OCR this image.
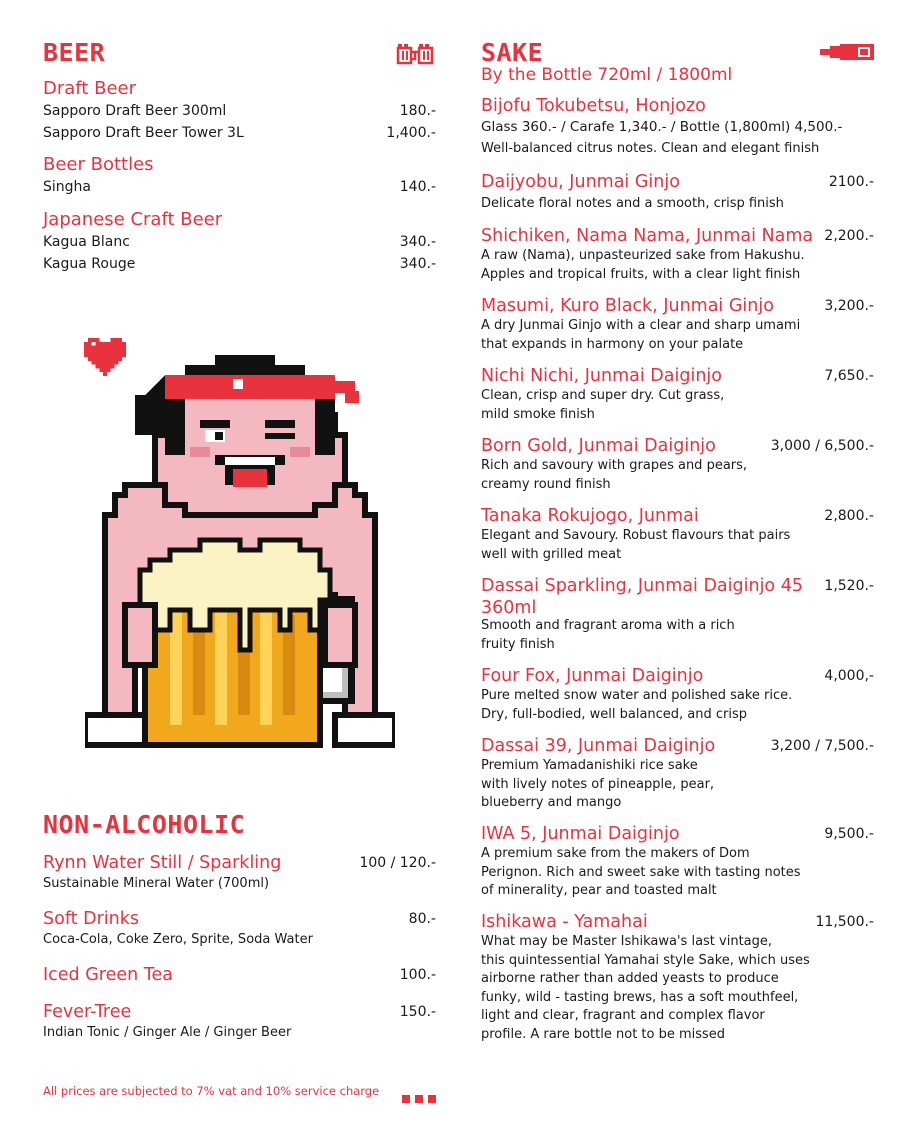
BEER
Draft Beer
Sapporo Draft Beer 300ml	180.-
Sapporo Draft Beer Tower 3L	1,400.-
Beer Bottles
Singha	140.-
Japanese Craft Beer
Kagua Blanc	340.-
Kagua Rouge	340.-
NON-ALCOHOLIC
Rynn Water Still / Sparkling	100 / 120.-
Sustainable Mineral Water (700ml)
Soft Drinks	80.-
Coca-Cola, Coke Zero, Sprite, Soda Water
Iced Green Tea	100.-
Fever-Tree	150.-
Indian Tonic / Ginger Ale / Ginger Beer
SAKE
By the Bottle 720ml / 1800ml
Bijofu Tokubetsu, Honjozo
Glass 360.- / Carafe 1,340.- / Bottle (1,800ml) 4,500.-
Well-balanced citrus notes. Clean and elegant finish
Daijyobu, Junmai Ginjo	2100.-
Delicate floral notes and a smooth, crisp finish
Shichiken, Nama Nama, Junmai Nama 2,200.-
A raw (Nama), unpasteurized sake from Hakushu.
Apples and tropical fruits, with a clear light finish
Masumi, Kuro Black, Junmai Ginjo	3,200.-
A dry Junmai Ginjo with a clear and sharp umami
that expands in harmony on your palate
Nichi Nichi, Junmai Daiginjo	7,650.-
Clean, crisp and super dry. Cut grass,
mild smoke finish
Born Gold, Junmai Daiginjo	3,000 / 6,500.-
Rich and savoury with grapes and pears,
creamy round finish
Tanaka Rokujogo, Junmai	2,800.-
Elegant and Savoury. Robust flavours that pairs
well with grilled meat
Dassai Sparkling, Junmai Daiginjo 45
360ml
1,520.-
Smooth and fragrant aroma with a rich
fruity finish
Four Fox, Junmai Daiginjo	4,000,-
Pure melted snow water and polished sake rice.
Dry, full-bodied, well balanced, and crisp
Dassai 39, Junmai Daiginjo	3,200 / 7,500.-
Premium Yamadanishiki rice sake
with lively notes of pineapple, pear,
blueberry and mango
IWA 5, Junmai Daiginjo	9,500.-
A premium sake from the makers of Dom
Perignon. Rich and sweet sake with tasting notes
of minerality, pear and toasted malt
Ishikawa - Yamahai	11,500.-
What may be Master Ishikawa's last vintage,
this quintessential Yamahai style Sake, which uses
airborne rather than added yeasts to produce
funky, wild - tasting brews, has a soft mouthfeel,
light and clear, fragrant and complex flavor
profile. A rare bottle not to be missed
All prices are subjected to 7% vat and 10% service charge
